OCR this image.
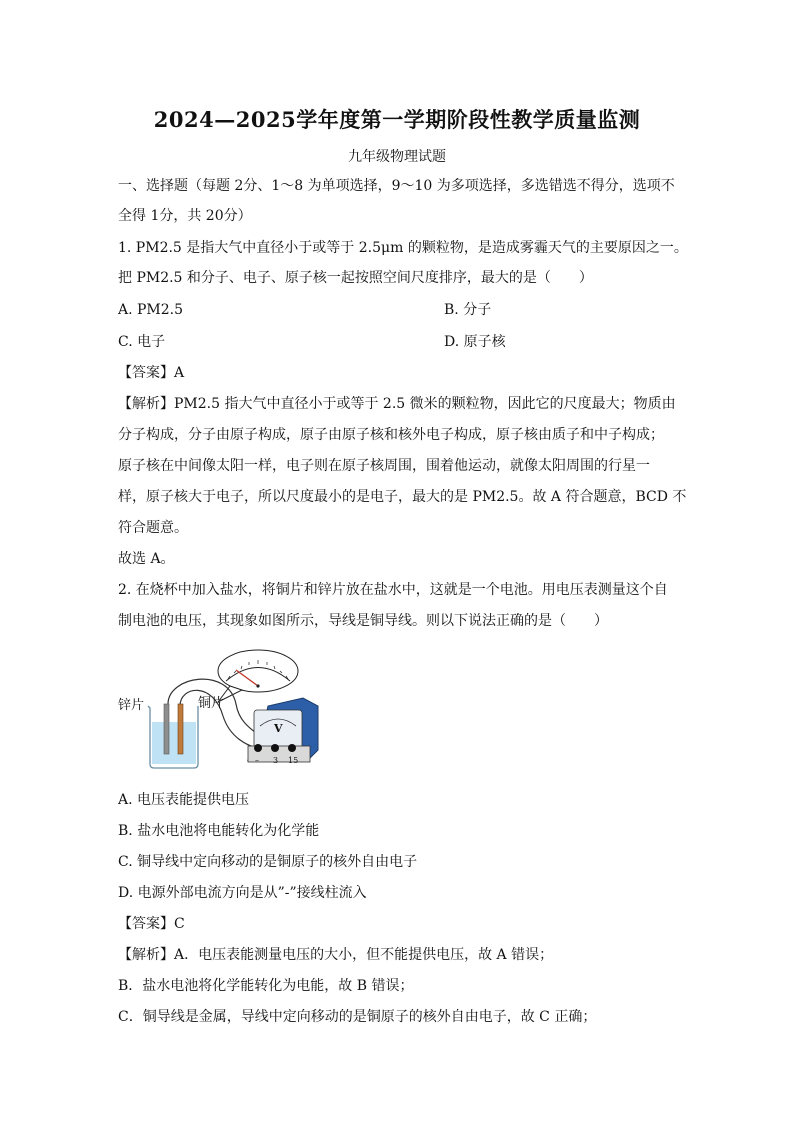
2024—2025学年度第一学期阶段性教学质量监测
九年级物理试题
一、选择题（每题 2分、1～8 为单项选择，9～10 为多项选择，多选错选不得分，选项不
全得 1分，共 20分）
1. PM2.5 是指大气中直径小于或等于 2.5μm 的颗粒物，是造成雾霾天气的主要原因之一。
把 PM2.5 和分子、电子、原子核一起按照空间尺度排序，最大的是（　　）
A. PM2.5	B. 分子
C. 电子	D. 原子核
【答案】A
【解析】PM2.5 指大气中直径小于或等于 2.5 微米的颗粒物，因此它的尺度最大；物质由
分子构成，分子由原子构成，原子由原子核和核外电子构成，原子核由质子和中子构成；
原子核在中间像太阳一样，电子则在原子核周围，围着他运动，就像太阳周围的行星一
样，原子核大于电子，所以尺度最小的是电子，最大的是 PM2.5。故 A 符合题意，BCD 不
符合题意。
故选 A。
2. 在烧杯中加入盐水，将铜片和锌片放在盐水中，这就是一个电池。用电压表测量这个自
制电池的电压，其现象如图所示，导线是铜导线。则以下说法正确的是（　　）
锌片	铜片
V
– 3 15
A. 电压表能提供电压
B. 盐水电池将电能转化为化学能
C. 铜导线中定向移动的是铜原子的核外自由电子
D. 电源外部电流方向是从”-”接线柱流入
【答案】C
【解析】A．电压表能测量电压的大小，但不能提供电压，故 A 错误；
B．盐水电池将化学能转化为电能，故 B 错误；
C．铜导线是金属，导线中定向移动的是铜原子的核外自由电子，故 C 正确；
